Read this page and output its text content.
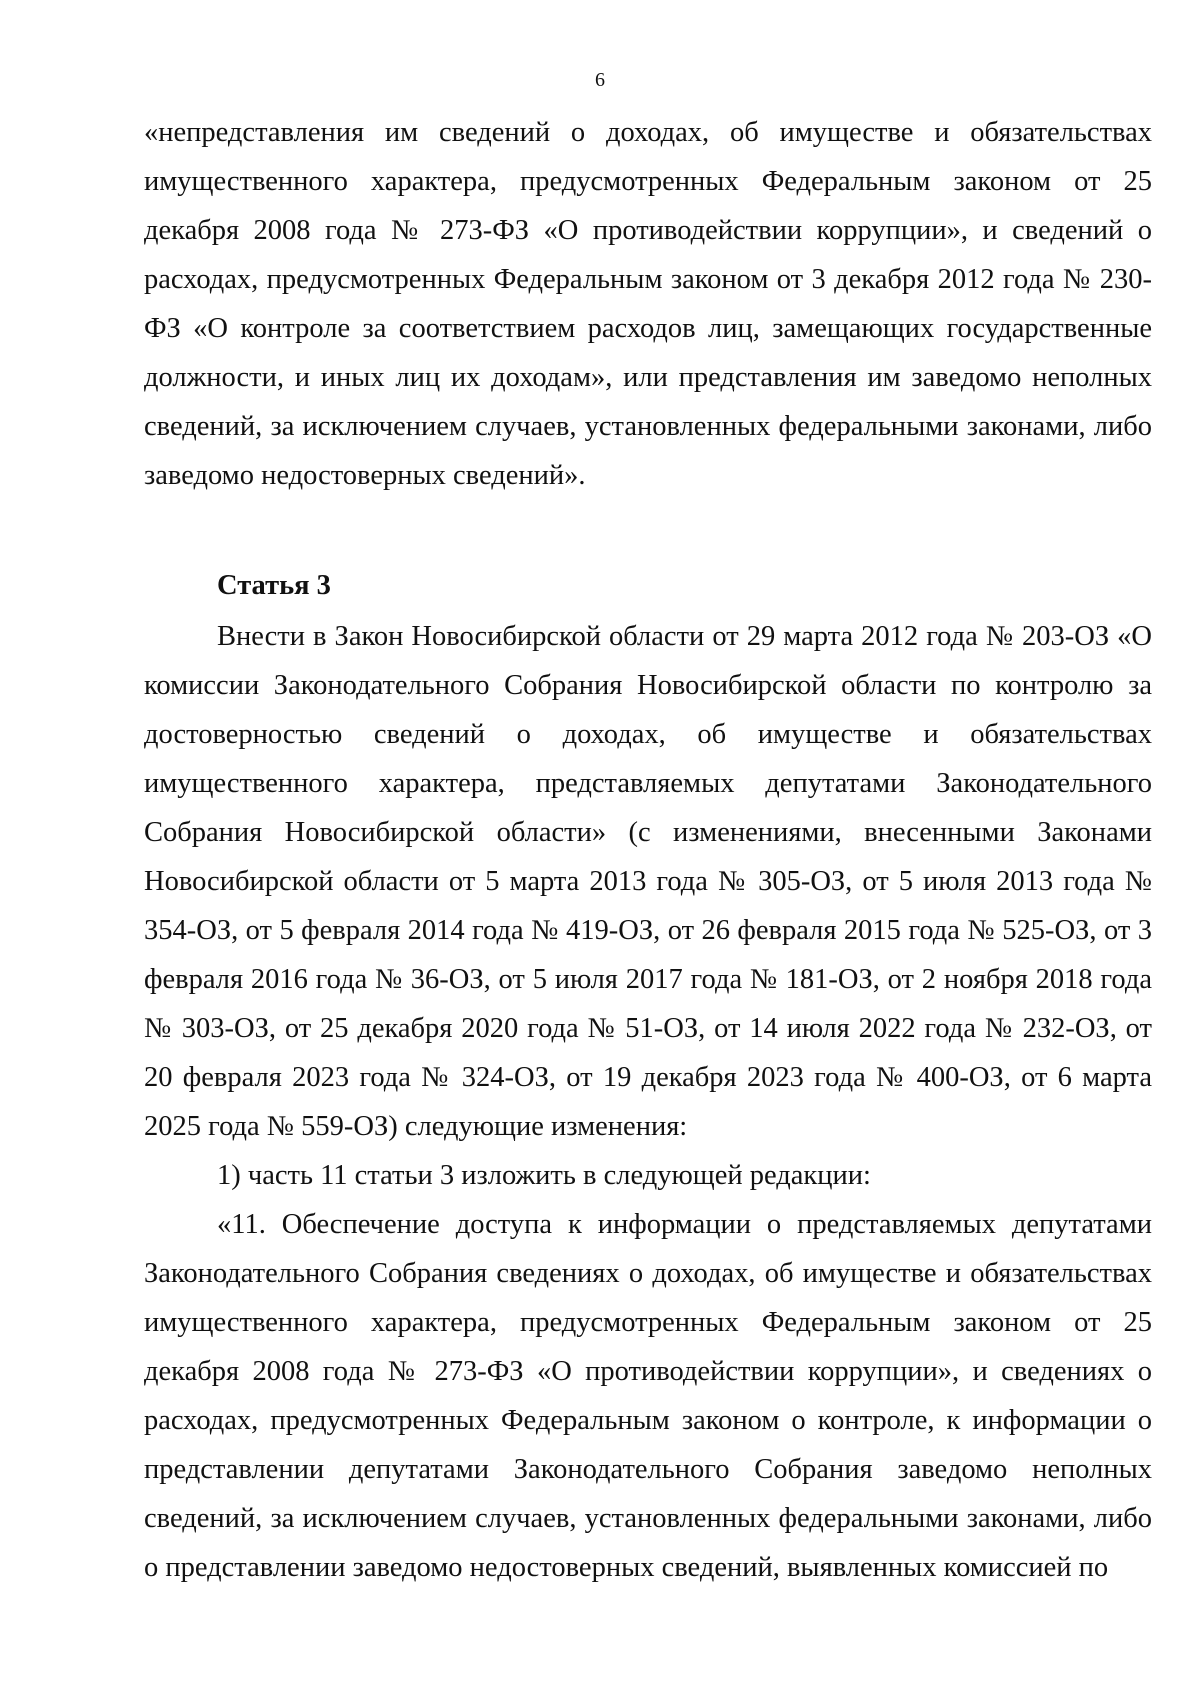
6

«непредставления им сведений о доходах, об имуществе и обязательствах имущественного характера, предусмотренных Федеральным законом от 25 декабря 2008 года № 273-ФЗ «О противодействии коррупции», и сведений о расходах, предусмотренных Федеральным законом от 3 декабря 2012 года № 230-ФЗ «О контроле за соответствием расходов лиц, замещающих государственные должности, и иных лиц их доходам», или представления им заведомо неполных сведений, за исключением случаев, установленных федеральными законами, либо заведомо недостоверных сведений».

Статья 3

Внести в Закон Новосибирской области от 29 марта 2012 года № 203-ОЗ «О комиссии Законодательного Собрания Новосибирской области по контролю за достоверностью сведений о доходах, об имуществе и обязательствах имущественного характера, представляемых депутатами Законодательного Собрания Новосибирской области» (с изменениями, внесенными Законами Новосибирской области от 5 марта 2013 года № 305-ОЗ, от 5 июля 2013 года № 354-ОЗ, от 5 февраля 2014 года № 419-ОЗ, от 26 февраля 2015 года № 525-ОЗ, от 3 февраля 2016 года № 36-ОЗ, от 5 июля 2017 года № 181-ОЗ, от 2 ноября 2018 года № 303-ОЗ, от 25 декабря 2020 года № 51-ОЗ, от 14 июля 2022 года № 232-ОЗ, от 20 февраля 2023 года № 324-ОЗ, от 19 декабря 2023 года № 400-ОЗ, от 6 марта 2025 года № 559-ОЗ) следующие изменения:

1) часть 11 статьи 3 изложить в следующей редакции:

«11. Обеспечение доступа к информации о представляемых депутатами Законодательного Собрания сведениях о доходах, об имуществе и обязательствах имущественного характера, предусмотренных Федеральным законом от 25 декабря 2008 года № 273-ФЗ «О противодействии коррупции», и сведениях о расходах, предусмотренных Федеральным законом о контроле, к информации о представлении депутатами Законодательного Собрания заведомо неполных сведений, за исключением случаев, установленных федеральными законами, либо о представлении заведомо недостоверных сведений, выявленных комиссией по
